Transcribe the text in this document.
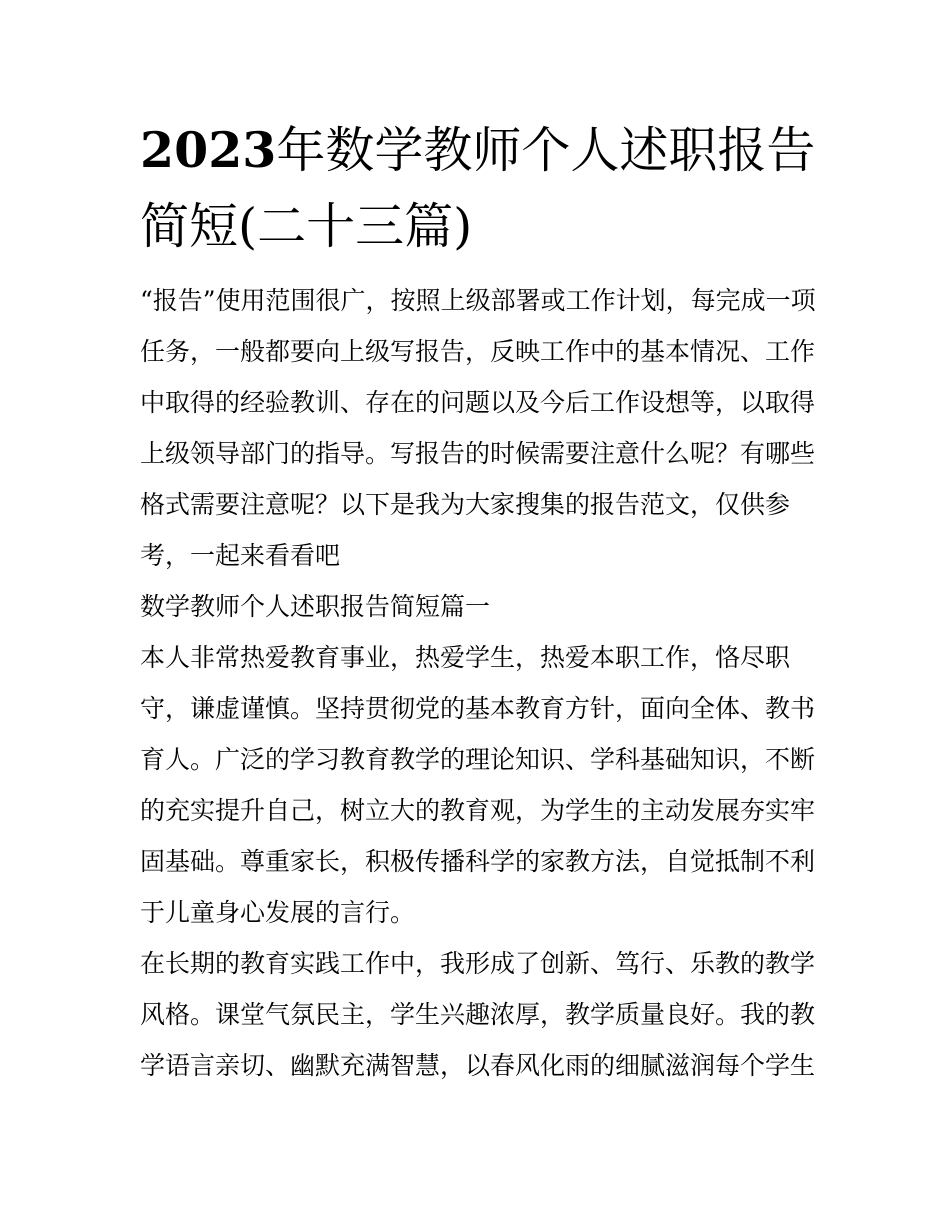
2023年数学教师个人述职报告简短(二十三篇)

“报告”使用范围很广，按照上级部署或工作计划，每完成一项任务，一般都要向上级写报告，反映工作中的基本情况、工作中取得的经验教训、存在的问题以及今后工作设想等，以取得上级领导部门的指导。写报告的时候需要注意什么呢？有哪些格式需要注意呢？以下是我为大家搜集的报告范文，仅供参考，一起来看看吧

数学教师个人述职报告简短篇一

本人非常热爱教育事业，热爱学生，热爱本职工作，恪尽职守，谦虚谨慎。坚持贯彻党的基本教育方针，面向全体、教书育人。广泛的学习教育教学的理论知识、学科基础知识，不断的充实提升自己，树立大的教育观，为学生的主动发展夯实牢固基础。尊重家长，积极传播科学的家教方法，自觉抵制不利于儿童身心发展的言行。

在长期的教育实践工作中，我形成了创新、笃行、乐教的教学风格。课堂气氛民主，学生兴趣浓厚，教学质量良好。我的教学语言亲切、幽默充满智慧，以春风化雨的细腻滋润每个学生
